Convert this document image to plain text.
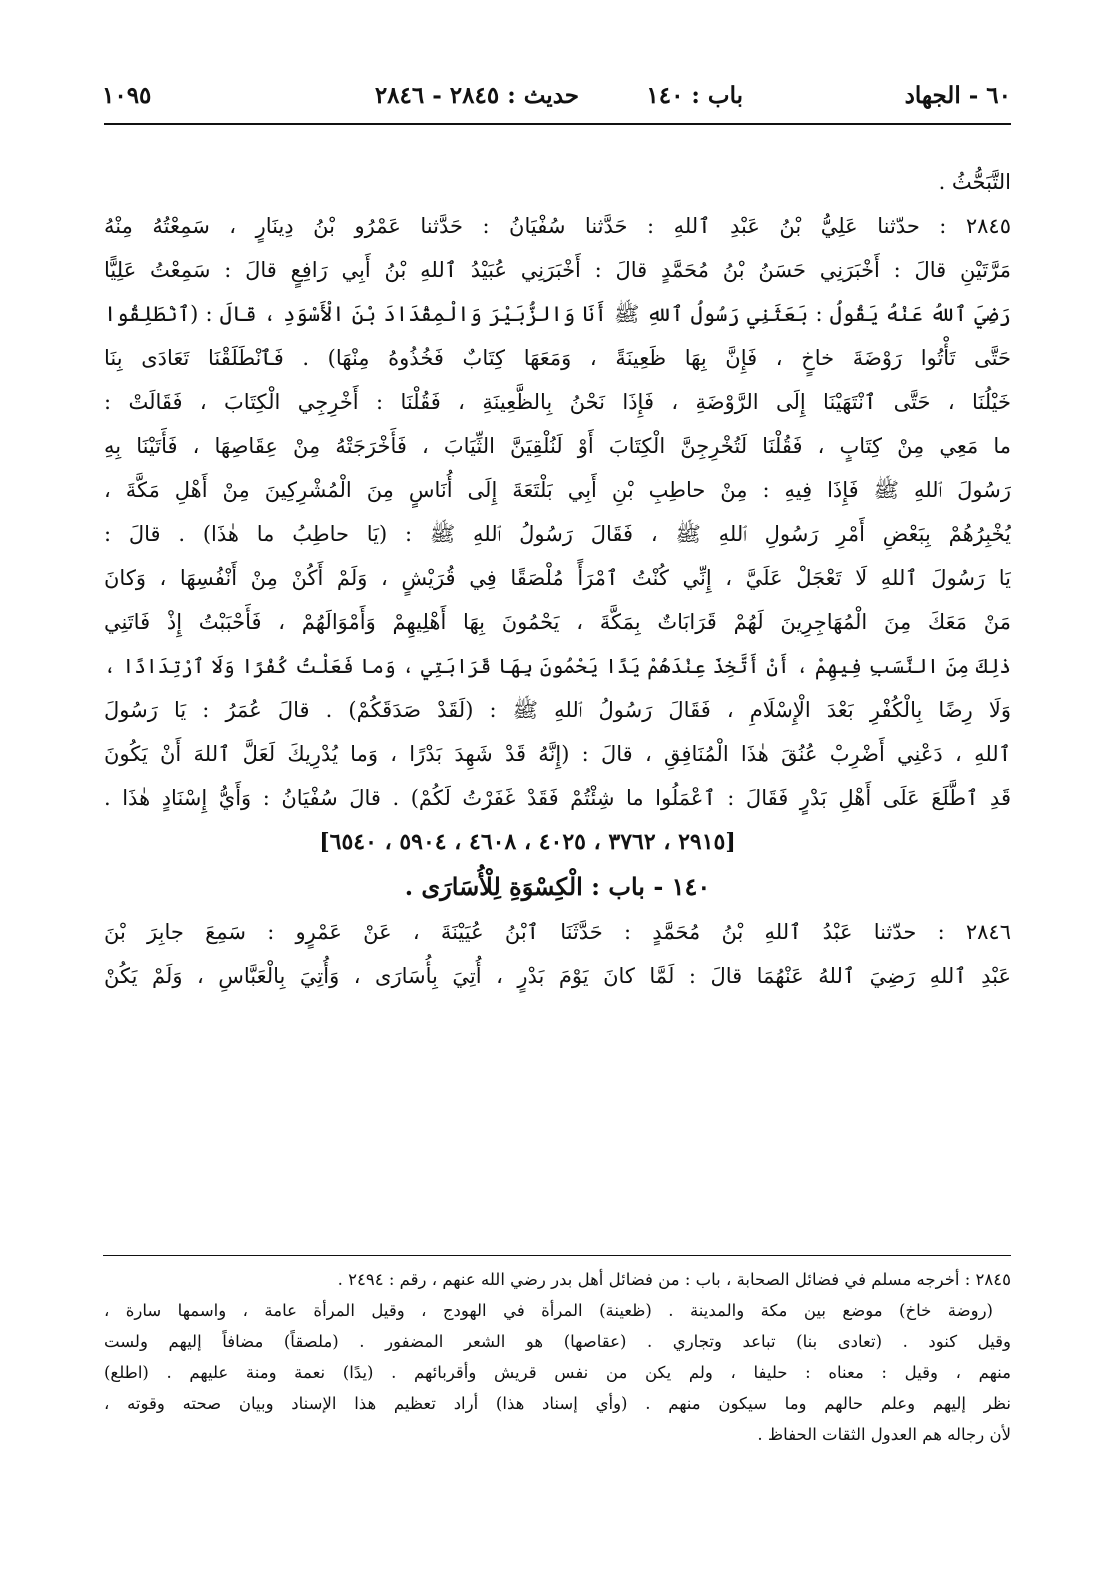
٦٠ - الجهاد
باب : ١٤٠
حديث : ٢٨٤٥ - ٢٨٤٦
١٠٩٥
التَّبَحُّثُ .
٢٨٤٥ : حدّثنا عَلِيُّ بْنُ عَبْدِ ٱللهِ : حَدَّثنا سُفْيَانُ : حَدَّثنا عَمْرُو بْنُ دِينَارٍ ، سَمِعْتُهُ مِنْهُ
مَرَّتَيْنِ قالَ : أَخْبَرَنِي حَسَنُ بْنُ مُحَمَّدٍ قالَ : أَخْبَرَنِي عُبَيْدُ ٱللهِ بْنُ أَبِي رَافِعٍ قالَ : سَمِعْتُ عَلِيًّا
رَضِيَ ٱللهُ عَنْهُ يَقُولُ : بَعَثَنِي رَسُولُ ٱللهِ ﷺ أَنَا وَالزُّبَيْرَ وَالْمِقْدَادَ بْنَ الْأَسْوَدِ ، قالَ : (ٱنْطَلِقُوا
حَتَّى تَأْتُوا رَوْضَةَ خاخٍ ، فَإِنَّ بِهَا ظَعِينَةً ، وَمَعَهَا كِتَابٌ فَخُذُوهُ مِنْهَا) . فَٱنْطَلَقْنَا تَعَادَى بِنَا
خَيْلُنَا ، حَتَّى ٱنْتَهَيْنَا إِلَى الرَّوْضَةِ ، فَإِذَا نَحْنُ بِالظَّعِينَةِ ، فَقُلْنَا : أَخْرِجِي الْكِتَابَ ، فَقَالَتْ :
ما مَعِي مِنْ كِتَابٍ ، فَقُلْنَا لَتُخْرِجِنَّ الْكِتَابَ أَوْ لَنُلْقِيَنَّ الثِّيَابَ ، فَأَخْرَجَتْهُ مِنْ عِقَاصِهَا ، فَأَتَيْنَا بِهِ
رَسُولَ ٱللهِ ﷺ فَإِذَا فِيهِ : مِنْ حاطِبِ بْنِ أَبِي بَلْتَعَةَ إِلَى أُنَاسٍ مِنَ الْمُشْرِكِينَ مِنْ أَهْلِ مَكَّةَ ،
يُخْبِرُهُمْ بِبَعْضِ أَمْرِ رَسُولِ ٱللهِ ﷺ ، فَقَالَ رَسُولُ ٱللهِ ﷺ : (يَا حاطِبُ ما هٰذَا) . قالَ :
يَا رَسُولَ ٱللهِ لَا تَعْجَلْ عَلَيَّ ، إِنِّي كُنْتُ ٱمْرَأً مُلْصَقًا فِي قُرَيْشٍ ، وَلَمْ أَكُنْ مِنْ أَنْفُسِهَا ، وَكانَ
مَنْ مَعَكَ مِنَ الْمُهَاجِرِينَ لَهُمْ قَرَابَاتٌ بِمَكَّةَ ، يَحْمُونَ بِهَا أَهْلِيهِمْ وَأَمْوَالَهُمْ ، فَأَحْبَبْتُ إِذْ فَاتَنِي
ذٰلِكَ مِنَ النَّسَبِ فِيهِمْ ، أَنْ أَتَّخِذَ عِنْدَهُمْ يَدًا يَحْمُونَ بِهَا قَرَابَتِي ، وَما فَعَلْتُ كُفْرًا وَلَا ٱرْتِدَادًا ،
وَلَا رِضًا بِالْكُفْرِ بَعْدَ الْإِسْلَامِ ، فَقَالَ رَسُولُ ٱللهِ ﷺ : (لَقَدْ صَدَقَكُمْ) . قالَ عُمَرُ : يَا رَسُولَ
ٱللهِ ، دَعْنِي أَضْرِبْ عُنُقَ هٰذَا الْمُنَافِقِ ، قالَ : (إِنَّهُ قَدْ شَهِدَ بَدْرًا ، وَما يُدْرِيكَ لَعَلَّ ٱللهَ أَنْ يَكُونَ
قَدِ ٱطَّلَعَ عَلَى أَهْلِ بَدْرٍ فَقَالَ : ٱعْمَلُوا ما شِئْتُمْ فَقَدْ غَفَرْتُ لَكُمْ) . قالَ سُفْيَانُ : وَأَيُّ إِسْنَادٍ هٰذَا .
[٢٩١٥ ، ٣٧٦٢ ، ٤٠٢٥ ، ٤٦٠٨ ، ٥٩٠٤ ، ٦٥٤٠]
١٤٠ - باب : الْكِسْوَةِ لِلْأُسَارَى .
٢٨٤٦ : حدّثنا عَبْدُ ٱللهِ بْنُ مُحَمَّدٍ : حَدَّثَنَا ٱبْنُ عُيَيْنَةَ ، عَنْ عَمْرٍو : سَمِعَ جابِرَ بْنَ
عَبْدِ ٱللهِ رَضِيَ ٱللهُ عَنْهُمَا قالَ : لَمَّا كانَ يَوْمَ بَدْرٍ ، أُتِيَ بِأُسَارَى ، وَأُتِيَ بِالْعَبَّاسِ ، وَلَمْ يَكُنْ
٢٨٤٥ : أخرجه مسلم في فضائل الصحابة ، باب : من فضائل أهل بدر رضي الله عنهم ، رقم : ٢٤٩٤ .
(روضة خاخ) موضع بين مكة والمدينة . (ظعينة) المرأة في الهودج ، وقيل المرأة عامة ، واسمها سارة ،
وقيل كنود . (تعادى بنا) تباعد وتجاري . (عقاصها) هو الشعر المضفور . (ملصقاً) مضافاً إليهم ولست
منهم ، وقيل : معناه : حليفا ، ولم يكن من نفس قريش وأقربائهم . (يدًا) نعمة ومنة عليهم . (اطلع)
نظر إليهم وعلم حالهم وما سيكون منهم . (وأي إسناد هذا) أراد تعظيم هذا الإسناد وبيان صحته وقوته ،
لأن رجاله هم العدول الثقات الحفاظ .
